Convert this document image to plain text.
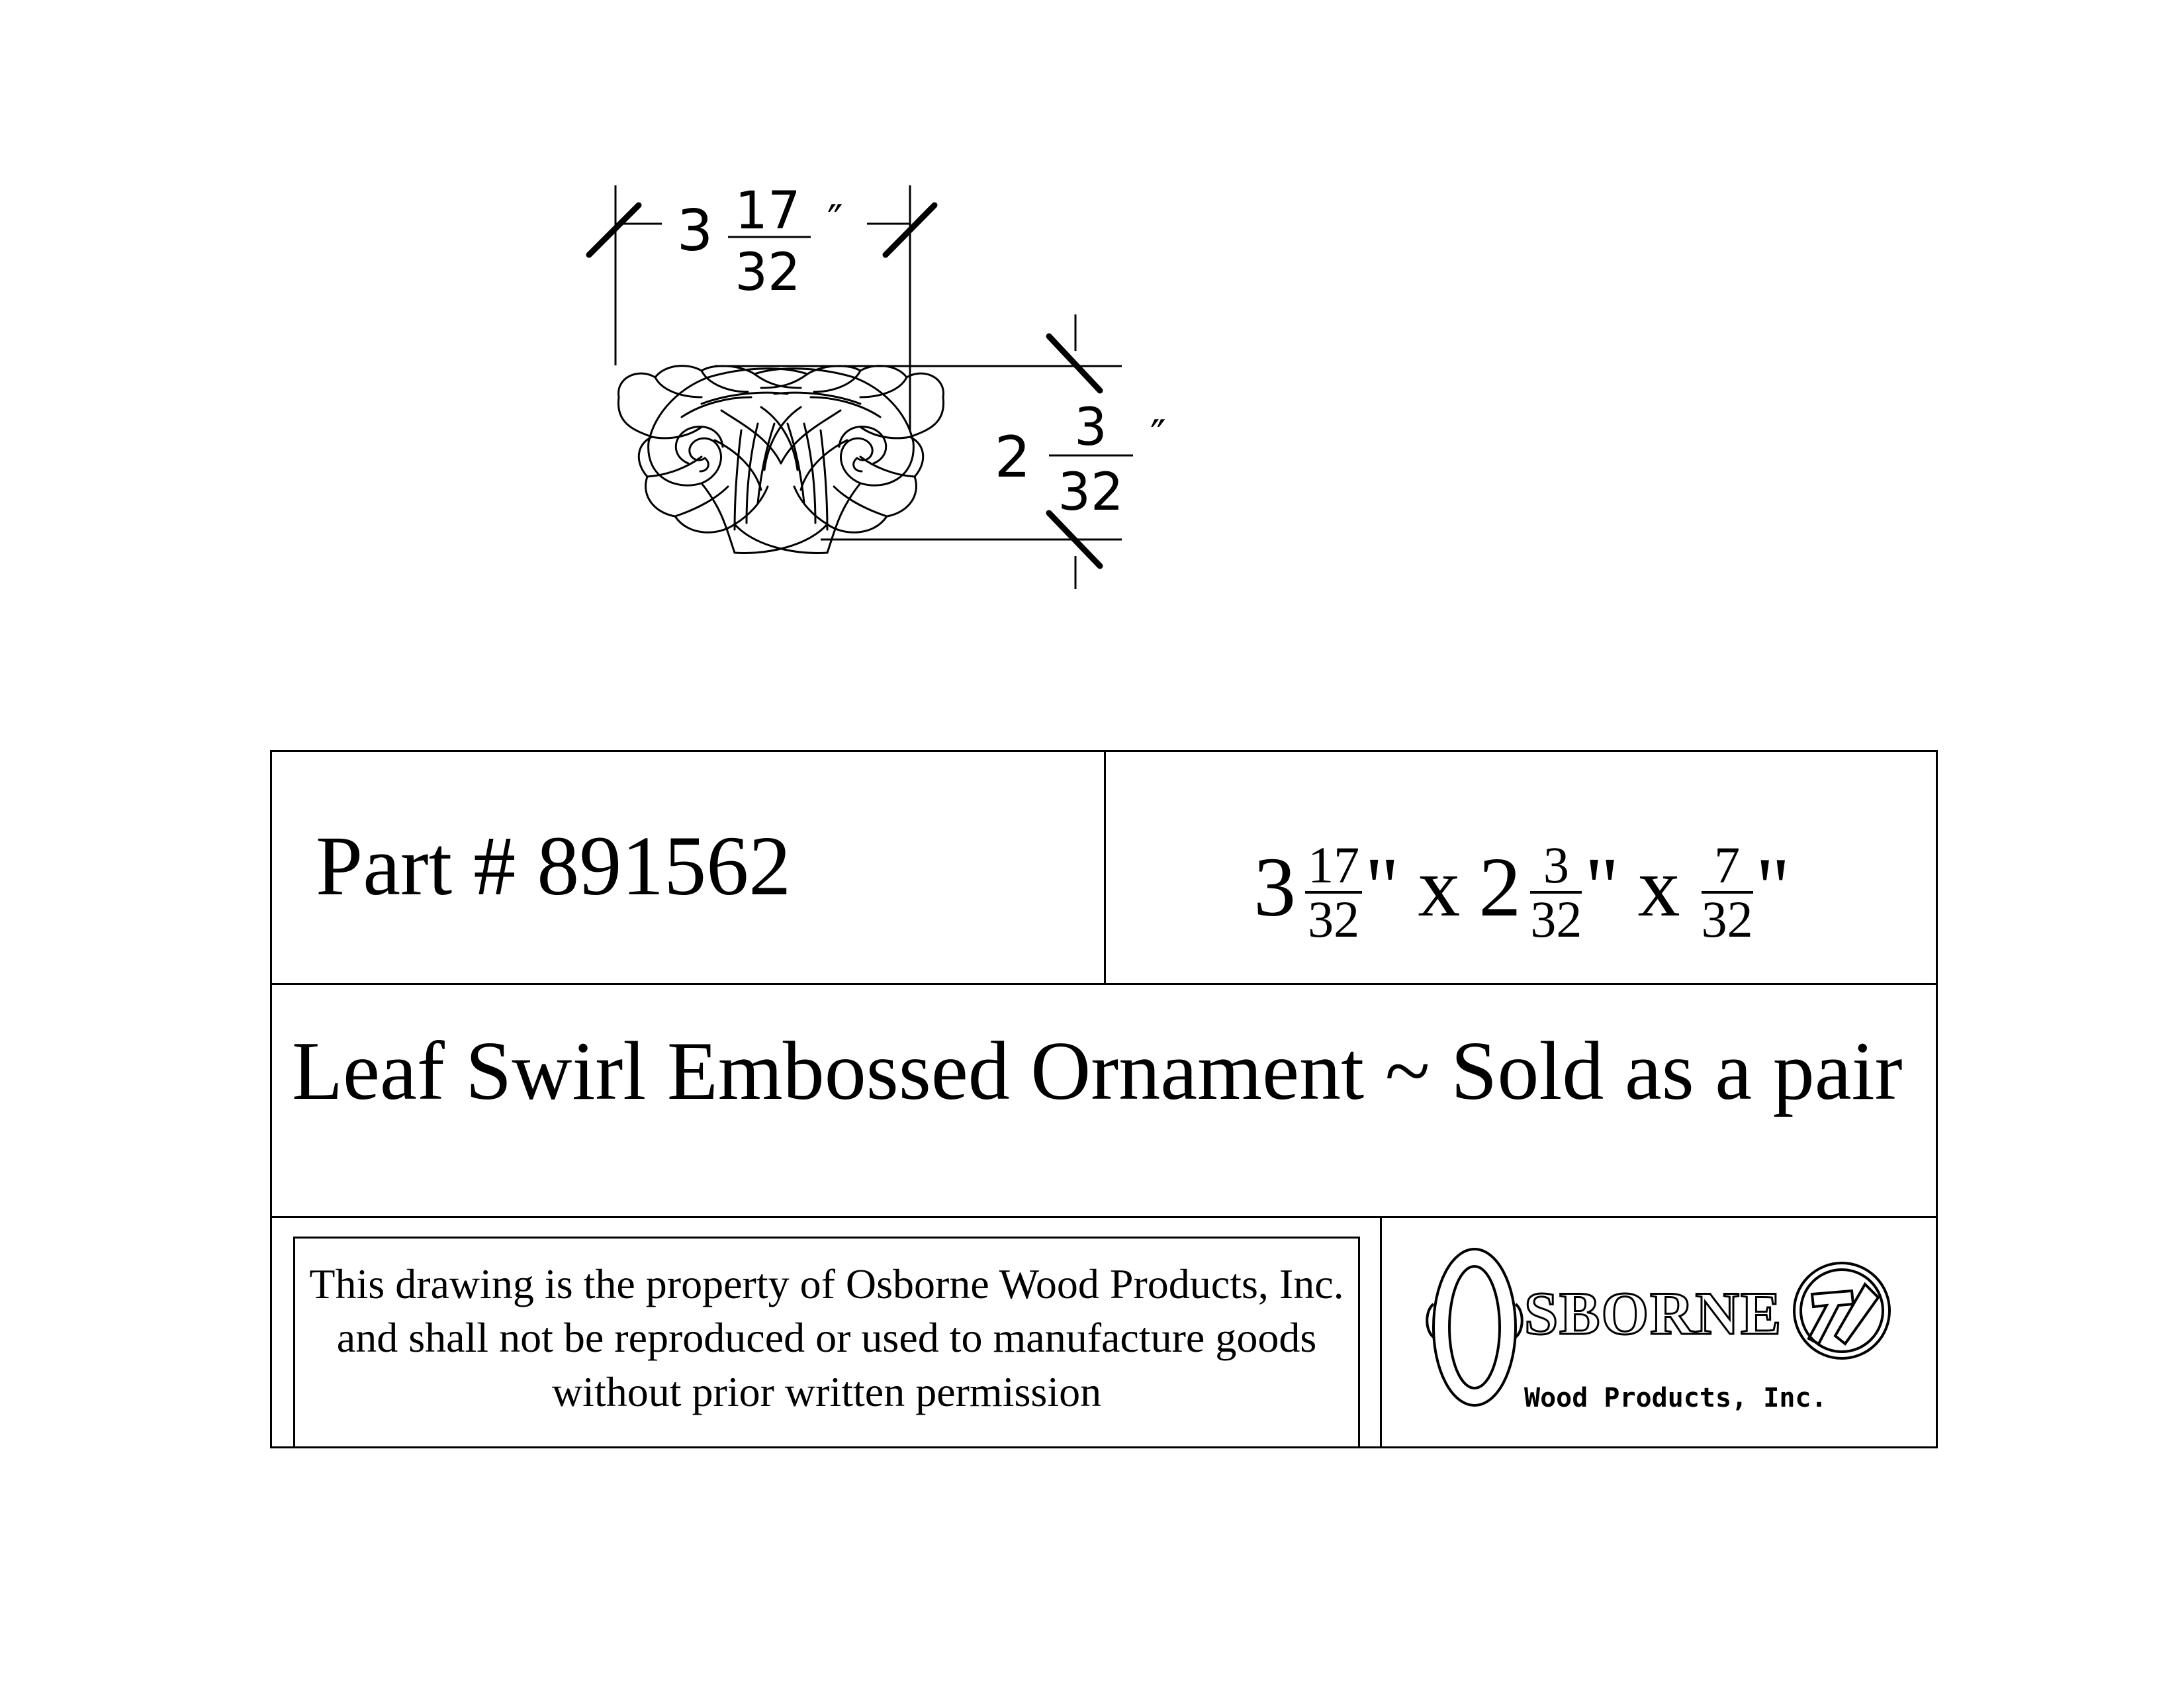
3 17
32
″
2 3
32
″
Part # 891562	$3 \frac{17}{32}$ " x $2 \frac{3}{32}$ " x $\frac{7}{32}$ "
Leaf Swirl Embossed Ornament ~ Sold as a pair
This drawing is the property of Osborne Wood Products, Inc. and shall not be reproduced or used to manufacture goods without prior written permission
SBORNE
Wood Products, Inc.
